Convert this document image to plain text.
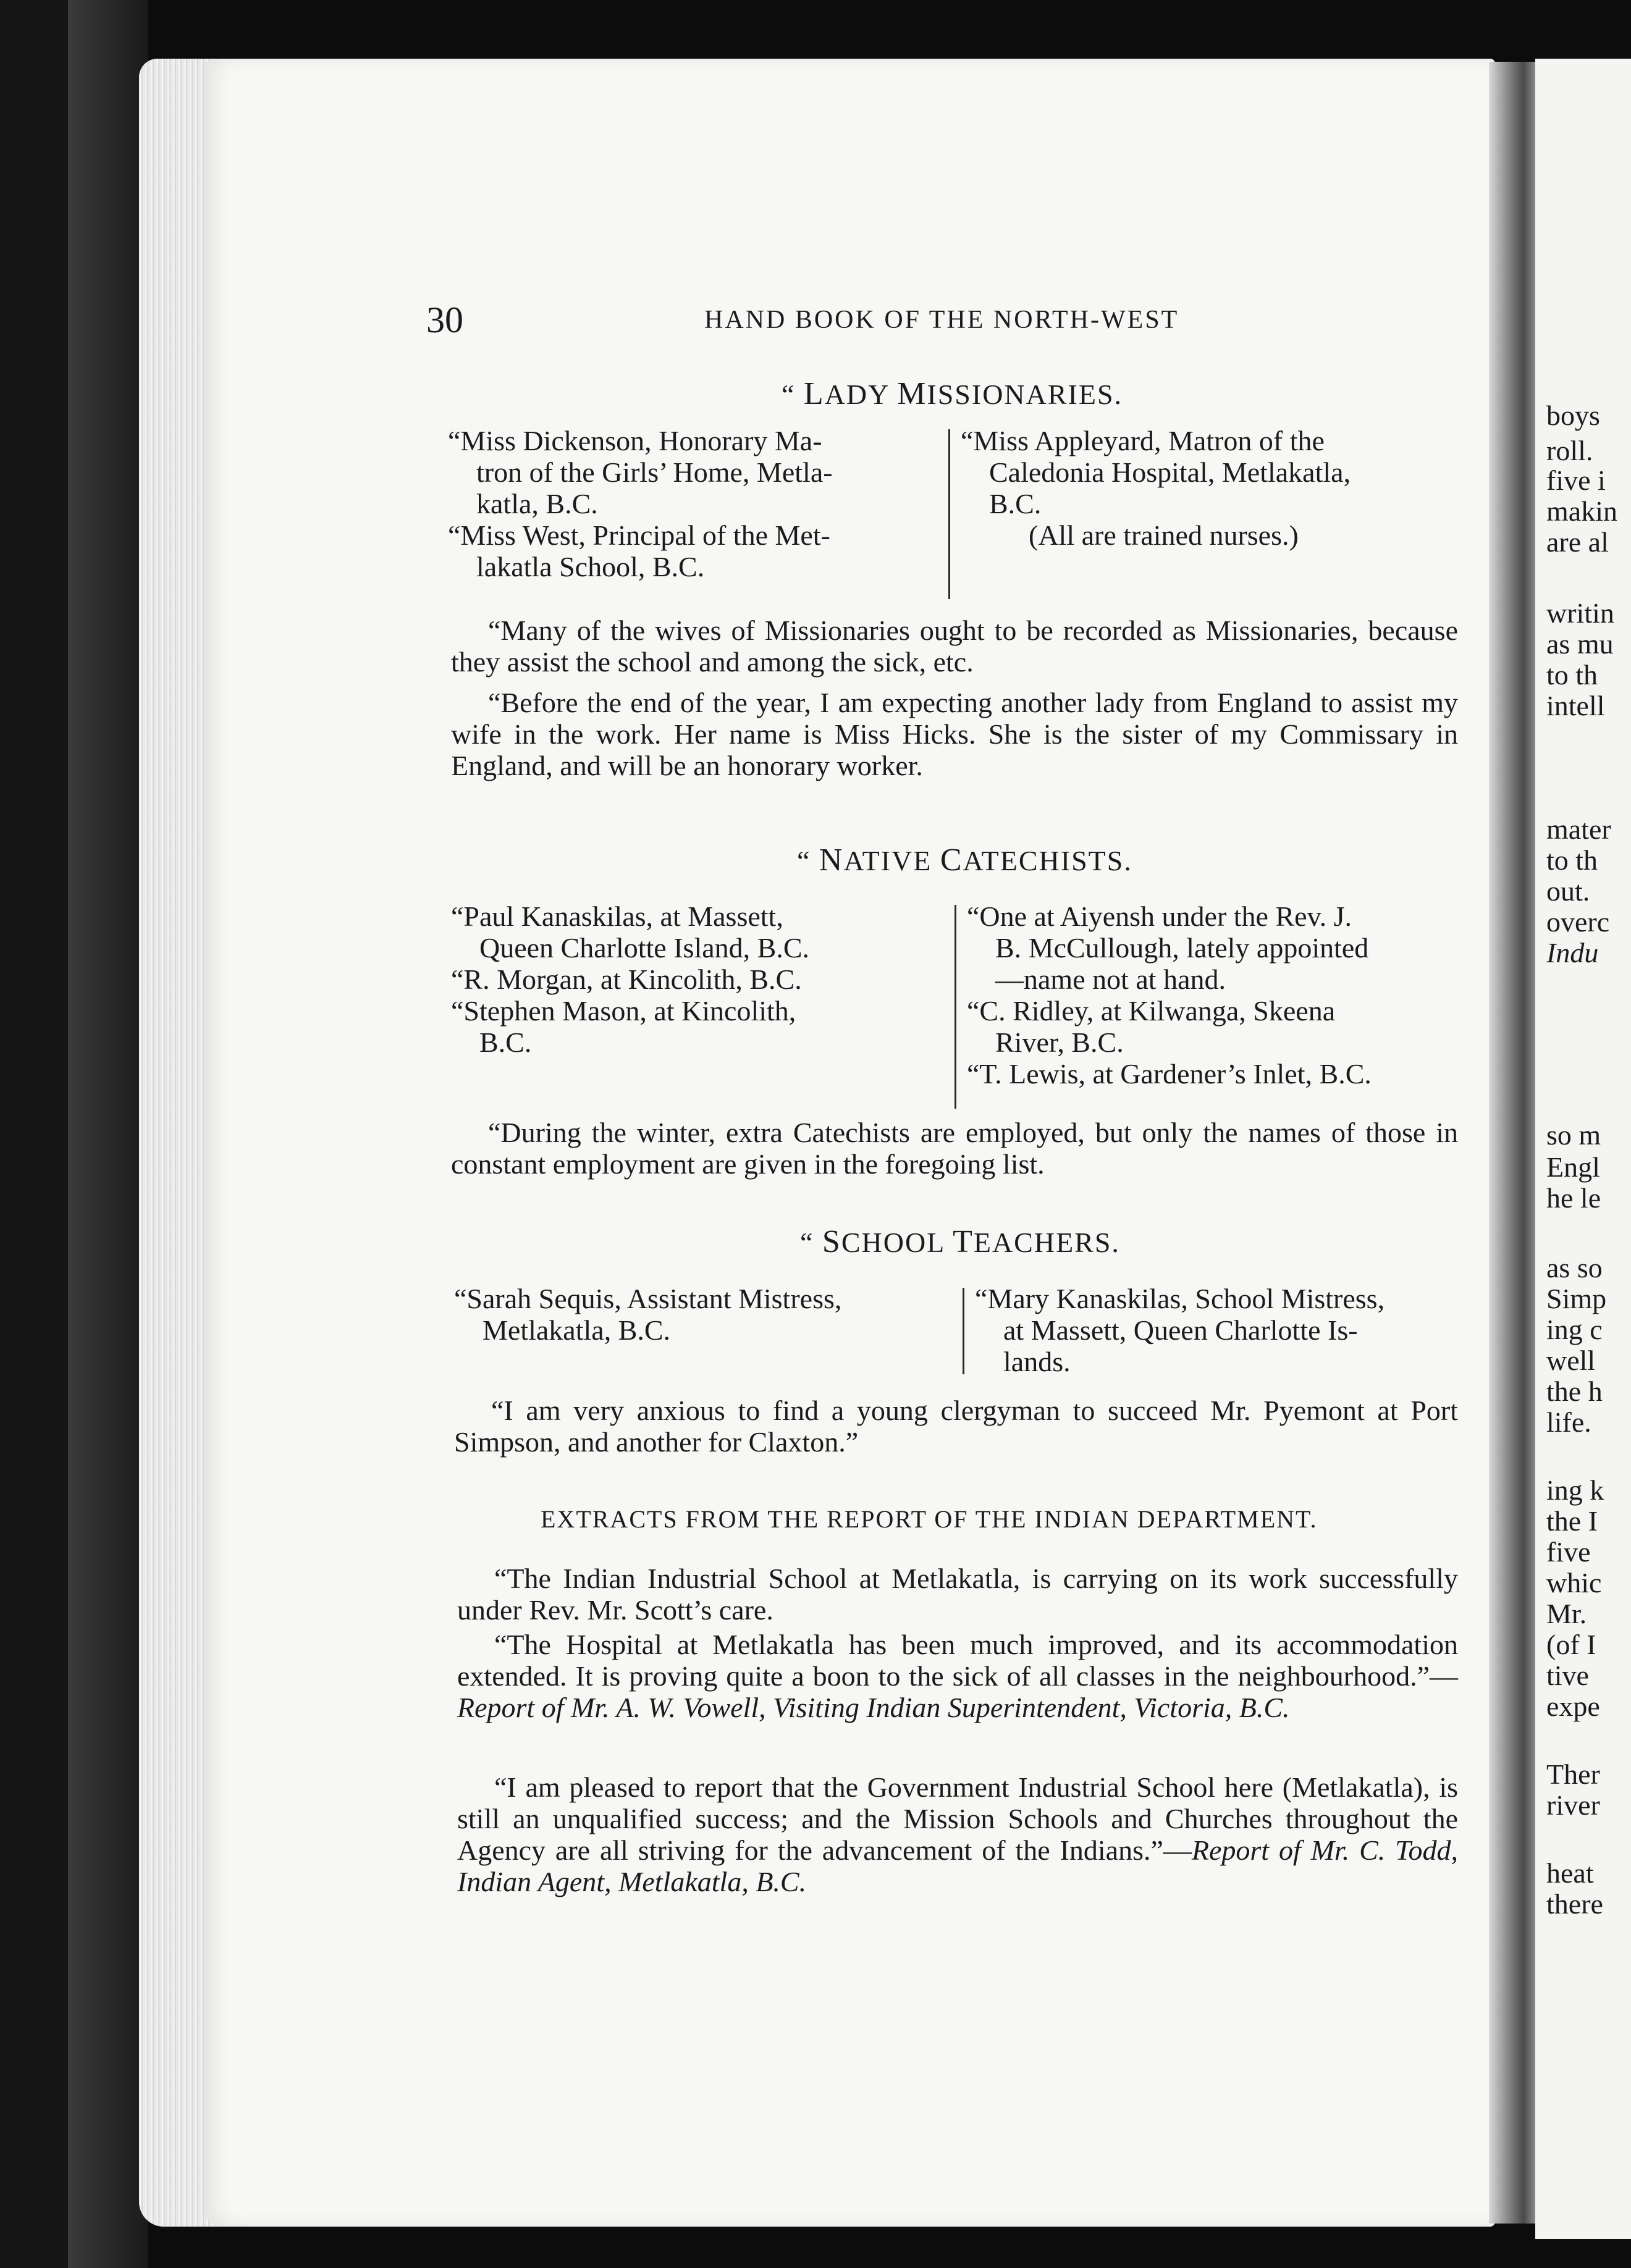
30	HAND BOOK OF THE NORTH-WEST
“ LADY MISSIONARIES.

“Miss Dickenson, Honorary Ma-

tron of the Girls’ Home, Metla-

katla, B.C.

“Miss West, Principal of the Met-

lakatla School, B.C.

“Miss Appleyard, Matron of the

Caledonia Hospital, Metlakatla,

B.C.

(All are trained nurses.)

“Many of the wives of Missionaries ought to be recorded as Missionaries, because they assist the school and among the sick, etc.

“Before the end of the year, I am expecting another lady from England to assist my wife in the work. Her name is Miss Hicks. She is the sister of my Commissary in England, and will be an honorary worker.

“ NATIVE CATECHISTS.

“Paul Kanaskilas, at Massett,

Queen Charlotte Island, B.C.

“R. Morgan, at Kincolith, B.C.

“Stephen Mason, at Kincolith,

B.C.

“One at Aiyensh under the Rev. J.

B. McCullough, lately appointed

—name not at hand.

“C. Ridley, at Kilwanga, Skeena

River, B.C.

“T. Lewis, at Gardener’s Inlet, B.C.

“During the winter, extra Catechists are employed, but only the names of those in constant employment are given in the foregoing list.

“ SCHOOL TEACHERS.

“Sarah Sequis, Assistant Mistress,

Metlakatla, B.C.

“Mary Kanaskilas, School Mistress,

at Massett, Queen Charlotte Is-

lands.

“I am very anxious to find a young clergyman to succeed Mr. Pyemont at Port Simpson, and another for Claxton.”

EXTRACTS FROM THE REPORT OF THE INDIAN DEPARTMENT.

“The Indian Industrial School at Metlakatla, is carrying on its work successfully under Rev. Mr. Scott’s care.

“The Hospital at Metlakatla has been much improved, and its accommodation extended. It is proving quite a boon to the sick of all classes in the neighbourhood.”—Report of Mr. A. W. Vowell, Visiting Indian Superintendent, Victoria, B.C.

“I am pleased to report that the Government Industrial School here (Metlakatla), is still an unqualified success; and the Mission Schools and Churches throughout the Agency are all striving for the advancement of the Indians.”—Report of Mr. C. Todd, Indian Agent, Metlakatla, B.C.

boys
roll.
five i
makin
are al
writin
as mu
to th
intell
mater
to th
out.
overc
Indu
so m
Engl
he le
as so
Simp
ing c
well
the h
life.
ing k
the I
five
whic
Mr.
(of I
tive
expe
Ther
river
heat
there
